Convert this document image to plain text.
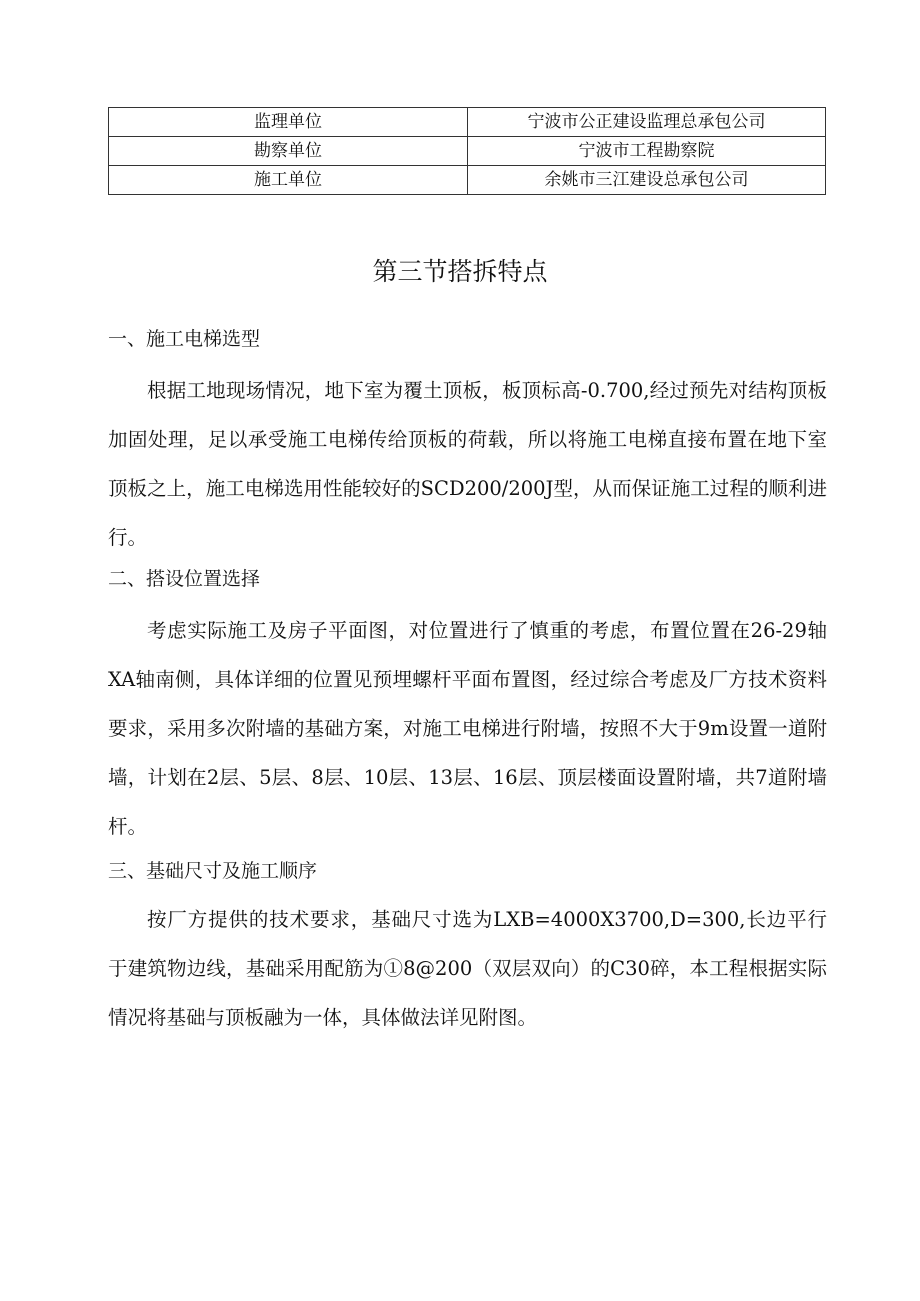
监理单位	宁波市公正建设监理总承包公司
勘察单位	宁波市工程勘察院
施工单位	余姚市三江建设总承包公司
第三节搭拆特点
一、施工电梯选型

根据工地现场情况，地下室为覆土顶板，板顶标高-0.700,经过预先对结构顶板加固处理，足以承受施工电梯传给顶板的荷载，所以将施工电梯直接布置在地下室顶板之上，施工电梯选用性能较好的SCD200/200J型，从而保证施工过程的顺利进行。

二、搭设位置选择

考虑实际施工及房子平面图，对位置进行了慎重的考虑，布置位置在26-29轴XA轴南侧，具体详细的位置见预埋螺杆平面布置图，经过综合考虑及厂方技术资料要求，采用多次附墙的基础方案，对施工电梯进行附墙，按照不大于9m设置一道附墙，计划在2层、5层、8层、10层、13层、16层、顶层楼面设置附墙，共7道附墙杆。

三、基础尺寸及施工顺序

按厂方提供的技术要求，基础尺寸选为LXB=4000X3700,D=300,长边平行于建筑物边线，基础采用配筋为①8@200（双层双向）的C30碎，本工程根据实际情况将基础与顶板融为一体，具体做法详见附图。
